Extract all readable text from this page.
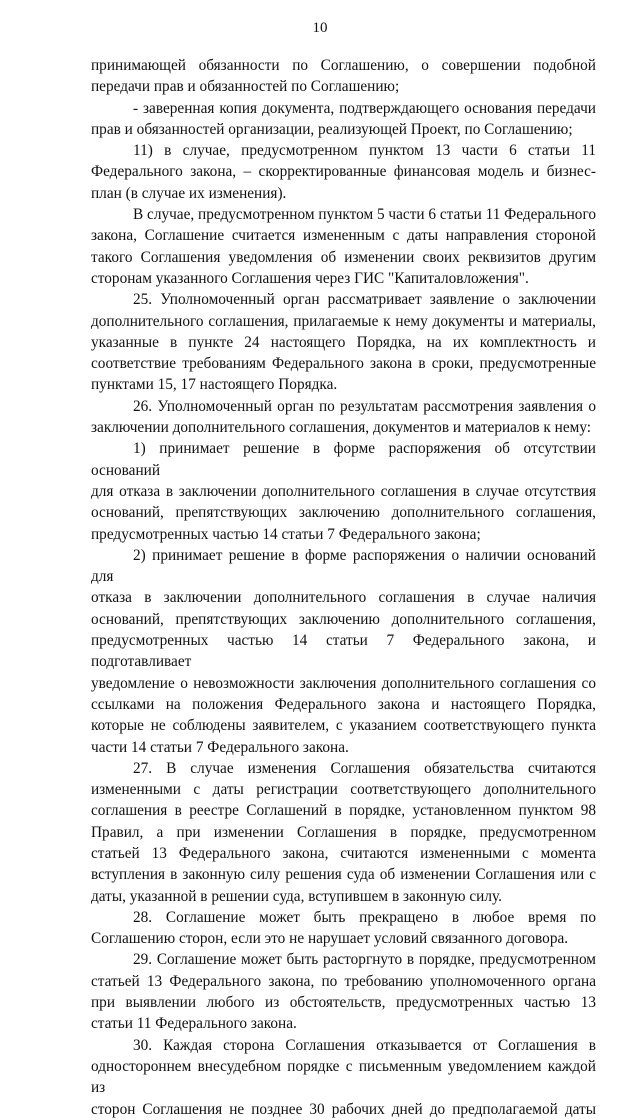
10
принимающей обязанности по Соглашению, о совершении подобной
передачи прав и обязанностей по Соглашению;
- заверенная копия документа, подтверждающего основания передачи
прав и обязанностей организации, реализующей Проект, по Соглашению;
11) в случае, предусмотренном пунктом 13 части 6 статьи 11
Федерального закона, – скорректированные финансовая модель и бизнес-
план (в случае их изменения).
В случае, предусмотренном пунктом 5 части 6 статьи 11 Федерального
закона, Соглашение считается измененным с даты направления стороной
такого Соглашения уведомления об изменении своих реквизитов другим
сторонам указанного Соглашения через ГИС "Капиталовложения".
25. Уполномоченный орган рассматривает заявление о заключении
дополнительного соглашения, прилагаемые к нему документы и материалы,
указанные в пункте 24 настоящего Порядка, на их комплектность и
соответствие требованиям Федерального закона в сроки, предусмотренные
пунктами 15, 17 настоящего Порядка.
26. Уполномоченный орган по результатам рассмотрения заявления о
заключении дополнительного соглашения, документов и материалов к нему:
1) принимает решение в форме распоряжения об отсутствии оснований
для отказа в заключении дополнительного соглашения в случае отсутствия
оснований, препятствующих заключению дополнительного соглашения,
предусмотренных частью 14 статьи 7 Федерального закона;
2) принимает решение в форме распоряжения о наличии оснований для
отказа в заключении дополнительного соглашения в случае наличия
оснований, препятствующих заключению дополнительного соглашения,
предусмотренных частью 14 статьи 7 Федерального закона, и подготавливает
уведомление о невозможности заключения дополнительного соглашения со
ссылками на положения Федерального закона и настоящего Порядка,
которые не соблюдены заявителем, с указанием соответствующего пункта
части 14 статьи 7 Федерального закона.
27. В случае изменения Соглашения обязательства считаются
измененными с даты регистрации соответствующего дополнительного
соглашения в реестре Соглашений в порядке, установленном пунктом 98
Правил, а при изменении Соглашения в порядке, предусмотренном
статьей 13 Федерального закона, считаются измененными с момента
вступления в законную силу решения суда об изменении Соглашения или с
даты, указанной в решении суда, вступившем в законную силу.
28. Соглашение может быть прекращено в любое время по
Соглашению сторон, если это не нарушает условий связанного договора.
29. Соглашение может быть расторгнуто в порядке, предусмотренном
статьей 13 Федерального закона, по требованию уполномоченного органа
при выявлении любого из обстоятельств, предусмотренных частью 13
статьи 11 Федерального закона.
30. Каждая сторона Соглашения отказывается от Соглашения в
одностороннем внесудебном порядке с письменным уведомлением каждой из
сторон Соглашения не позднее 30 рабочих дней до предполагаемой даты
